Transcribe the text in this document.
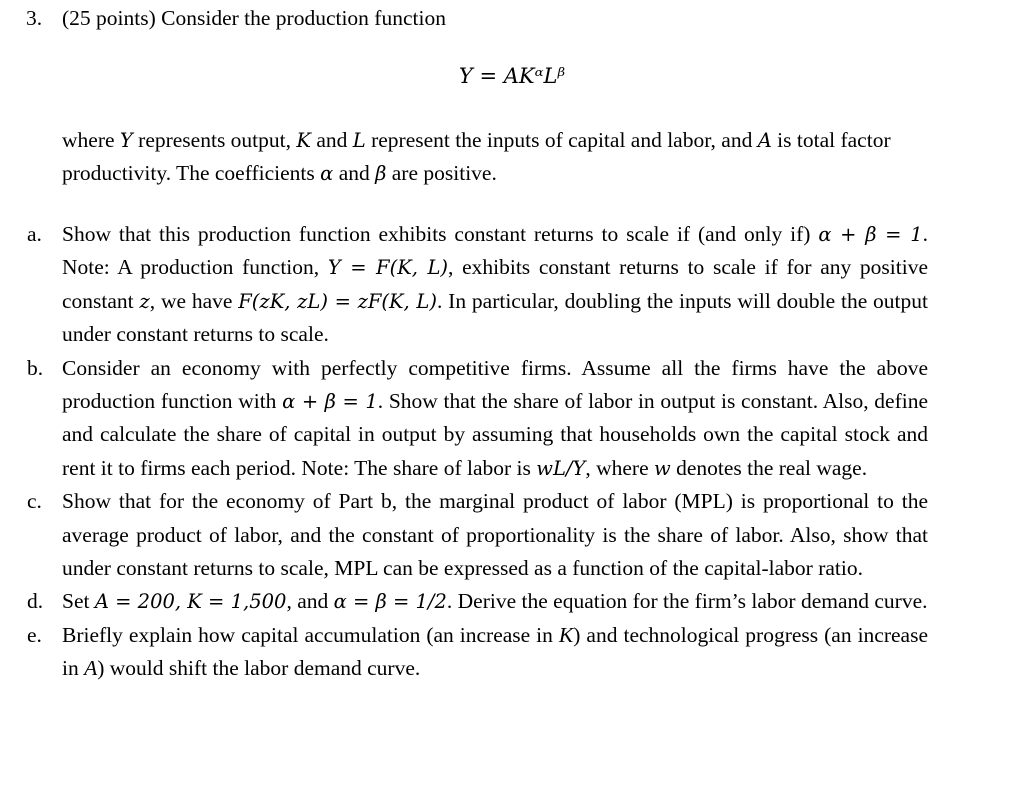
3. (25 points) Consider the production function
Y = AKᵅLᵝ
where Y represents output, K and L represent the inputs of capital and labor, and A is total factor productivity. The coefficients α and β are positive.
a. Show that this production function exhibits constant returns to scale if (and only if) α + β = 1. Note: A production function, Y = F(K, L), exhibits constant returns to scale if for any positive constant z, we have F(zK, zL) = zF(K, L). In particular, doubling the inputs will double the output under constant returns to scale.
b. Consider an economy with perfectly competitive firms. Assume all the firms have the above production function with α + β = 1. Show that the share of labor in output is constant. Also, define and calculate the share of capital in output by assuming that households own the capital stock and rent it to firms each period. Note: The share of labor is wL/Y, where w denotes the real wage.
c. Show that for the economy of Part b, the marginal product of labor (MPL) is proportional to the average product of labor, and the constant of proportionality is the share of labor. Also, show that under constant returns to scale, MPL can be expressed as a function of the capital-labor ratio.
d. Set A = 200, K = 1,500, and α = β = 1/2. Derive the equation for the firm’s labor demand curve.
e. Briefly explain how capital accumulation (an increase in K) and technological progress (an increase in A) would shift the labor demand curve.
